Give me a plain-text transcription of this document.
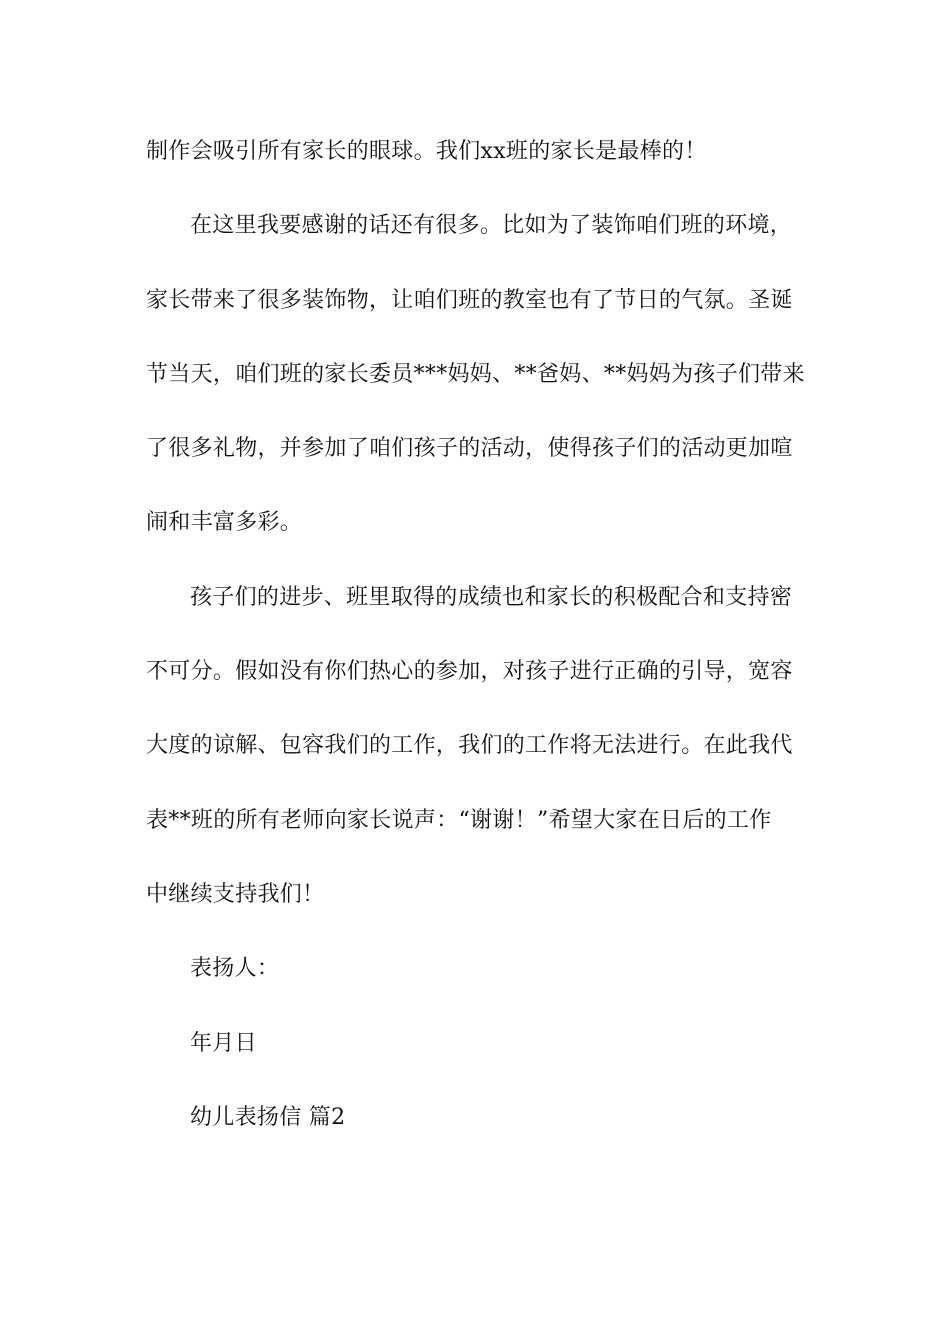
制作会吸引所有家长的眼球。我们xx班的家长是最棒的！
在这里我要感谢的话还有很多。比如为了装饰咱们班的环境，
家长带来了很多装饰物，让咱们班的教室也有了节日的气氛。圣诞
节当天，咱们班的家长委员***妈妈、**爸妈、**妈妈为孩子们带来
了很多礼物，并参加了咱们孩子的活动，使得孩子们的活动更加喧
闹和丰富多彩。
孩子们的进步、班里取得的成绩也和家长的积极配合和支持密
不可分。假如没有你们热心的参加，对孩子进行正确的引导，宽容
大度的谅解、包容我们的工作，我们的工作将无法进行。在此我代
表**班的所有老师向家长说声：“谢谢！”希望大家在日后的工作
中继续支持我们！
表扬人：
年月日
幼儿表扬信 篇2
